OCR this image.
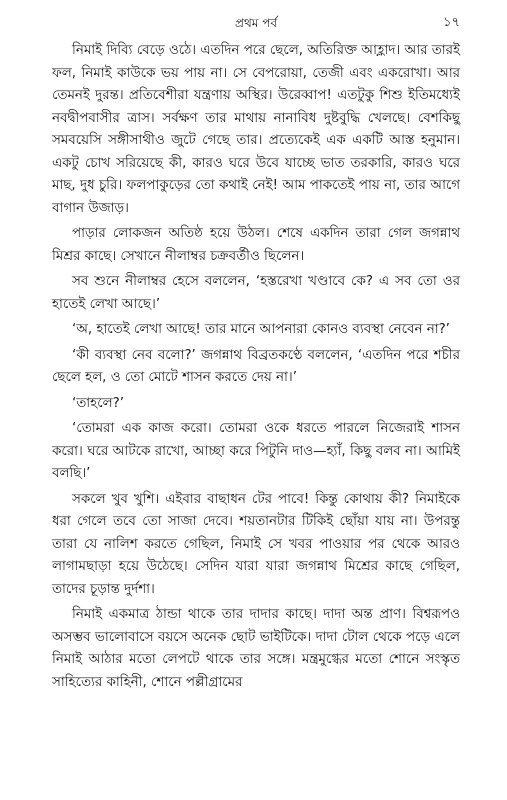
প্রথম পর্ব	১৭

নিমাই দিব্যি বেড়ে ওঠে। এতদিন পরে ছেলে, অতিরিক্ত আহ্লাদ। আর তারই ফল, নিমাই কাউকে ভয় পায় না। সে বেপরোয়া, তেজী এবং একরোখা। আর তেমনই দুরন্ত। প্রতিবেশীরা যন্ত্রণায় অস্থির। উরেব্বাপ! এতটুকু শিশু ইতিমধ্যেই নবদ্বীপবাসীর ত্রাস। সর্বক্ষণ তার মাথায় নানাবিধ দুষ্টবুদ্ধি খেলছে। বেশকিছু সমবয়েসি সঙ্গীসাথীও জুটে গেছে তার। প্রত্যেকেই এক একটি আস্ত হনুমান। একটু চোখ সরিয়েছে কী, কারও ঘরে উবে যাচ্ছে ভাত তরকারি, কারও ঘরে মাছ, দুধ চুরি। ফলপাকুড়ের তো কথাই নেই! আম পাকতেই পায় না, তার আগে বাগান উজাড়।

পাড়ার লোকজন অতিষ্ঠ হয়ে উঠল। শেষে একদিন তারা গেল জগন্নাথ মিশ্রর কাছে। সেখানে নীলাম্বর চক্রবর্তীও ছিলেন।

সব শুনে নীলাম্বর হেসে বললেন, ‘হস্তরেখা খণ্ডাবে কে? এ সব তো ওর হাতেই লেখা আছে।’

‘অ, হাতেই লেখা আছে! তার মানে আপনারা কোনও ব্যবস্থা নেবেন না?’

‘কী ব্যবস্থা নেব বলো?’ জগন্নাথ বিব্রতকণ্ঠে বললেন, ‘এতদিন পরে শচীর ছেলে হল, ও তো মোটে শাসন করতে দেয় না।’

‘তাহলে?’

‘তোমরা এক কাজ করো। তোমরা ওকে ধরতে পারলে নিজেরাই শাসন করো। ঘরে আটকে রাখো, আচ্ছা করে পিটুনি দাও—হ্যাঁ, কিছু বলব না। আমিই বলছি।’

সকলে খুব খুশি। এইবার বাছাধন টের পাবে! কিন্তু কোথায় কী? নিমাইকে ধরা গেলে তবে তো সাজা দেবে। শয়তানটার টিকিই ছোঁয়া যায় না। উপরন্তু তারা যে নালিশ করতে গেছিল, নিমাই সে খবর পাওয়ার পর থেকে আরও লাগামছাড়া হয়ে উঠেছে। সেদিন যারা যারা জগন্নাথ মিশ্রের কাছে গেছিল, তাদের চূড়ান্ত দুর্দশা।

নিমাই একমাত্র ঠান্ডা থাকে তার দাদার কাছে। দাদা অন্ত প্রাণ। বিশ্বরূপও অসম্ভব ভালোবাসে বয়সে অনেক ছোট ভাইটিকে। দাদা টোল থেকে পড়ে এলে নিমাই আঠার মতো লেপটে থাকে তার সঙ্গে। মন্ত্রমুগ্ধের মতো শোনে সংস্কৃত সাহিত্যের কাহিনী, শোনে পল্লীগ্রামের
